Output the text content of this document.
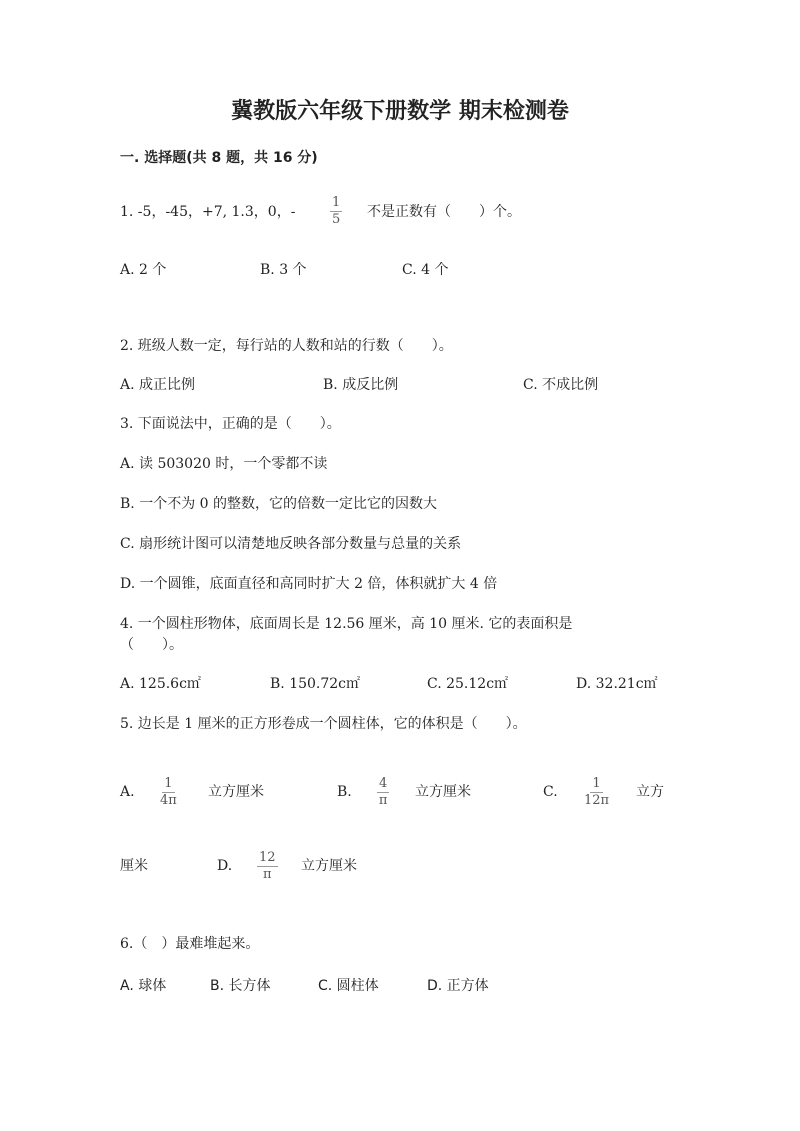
冀教版六年级下册数学 期末检测卷
一. 选择题(共 8 题，共 16 分)
1. -5，-45，+7, 1.3，0，-	$\frac{1}{5}$ 不是正数有（　　）个。
A. 2 个	B. 3 个	C. 4 个
2. 班级人数一定，每行站的人数和站的行数（　　）。
A. 成正比例	B. 成反比例	C. 不成比例
3. 下面说法中，正确的是（　　）。
A. 读 503020 时，一个零都不读
B. 一个不为 0 的整数，它的倍数一定比它的因数大
C. 扇形统计图可以清楚地反映各部分数量与总量的关系
D. 一个圆锥，底面直径和高同时扩大 2 倍，体积就扩大 4 倍
4. 一个圆柱形物体，底面周长是 12.56 厘米，高 10 厘米. 它的表面积是
（　　）。
A. 125.6c㎡	B. 150.72c㎡	C. 25.12c㎡	D. 32.21c㎡
5. 边长是 1 厘米的正方形卷成一个圆柱体，它的体积是（　　）。
A. $\frac{1}{4\pi}$ 立方厘米	B. $\frac{4}{\pi}$ 立方厘米	C. $\frac{1}{12\pi}$ 立方
厘米	D. $\frac{12}{\pi}$ 立方厘米
6.（　）最难堆起来。
A. 球体	B. 长方体	C. 圆柱体	D. 正方体
